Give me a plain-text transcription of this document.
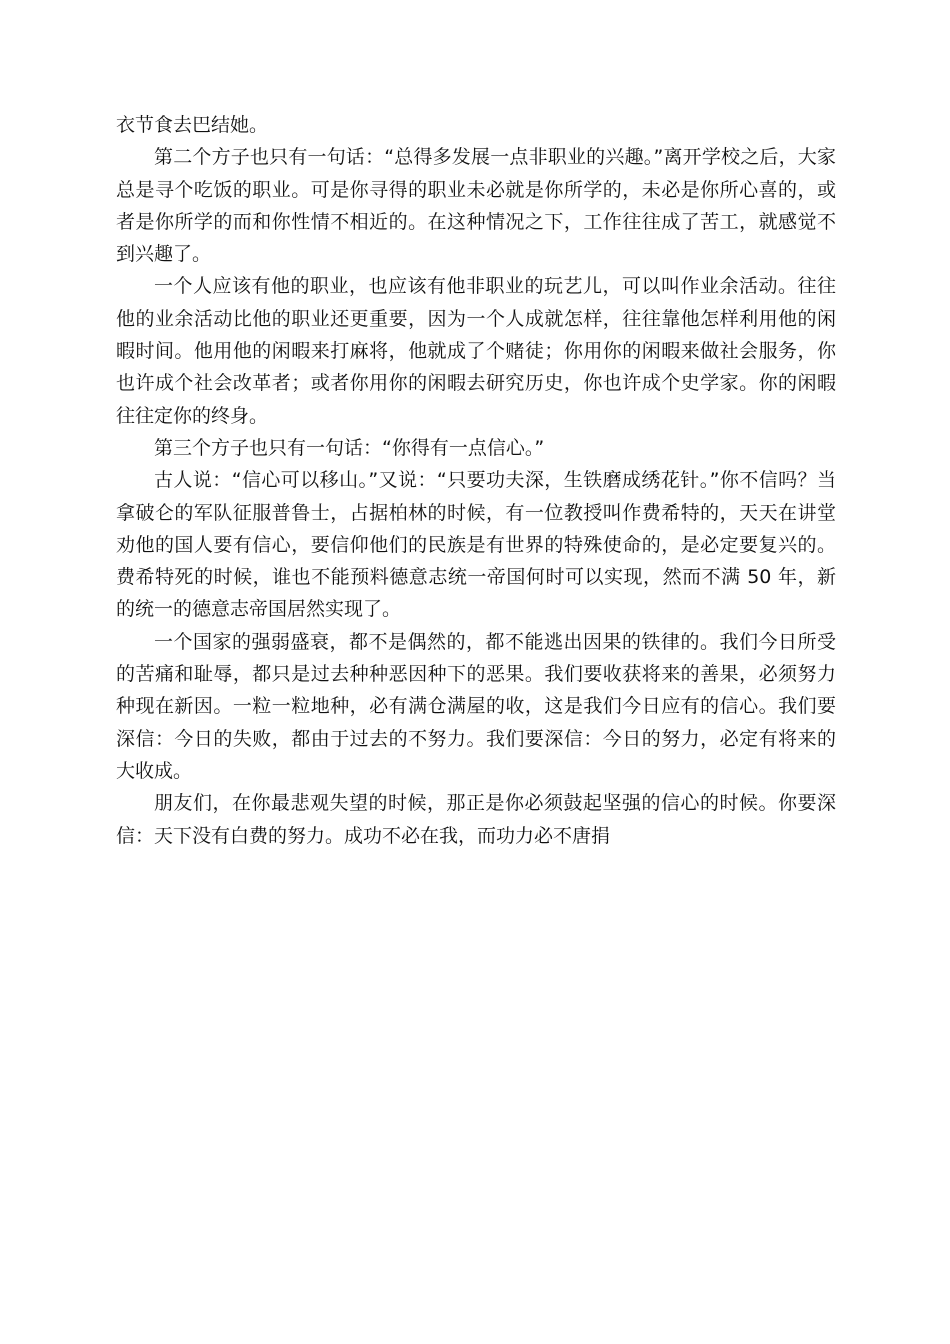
衣节食去巴结她。

第二个方子也只有一句话：“总得多发展一点非职业的兴趣。”离开学校之后，大家总是寻个吃饭的职业。可是你寻得的职业未必就是你所学的，未必是你所心喜的，或者是你所学的而和你性情不相近的。在这种情况之下，工作往往成了苦工，就感觉不到兴趣了。

一个人应该有他的职业，也应该有他非职业的玩艺儿，可以叫作业余活动。往往他的业余活动比他的职业还更重要，因为一个人成就怎样，往往靠他怎样利用他的闲暇时间。他用他的闲暇来打麻将，他就成了个赌徒；你用你的闲暇来做社会服务，你也许成个社会改革者；或者你用你的闲暇去研究历史，你也许成个史学家。你的闲暇往往定你的终身。

第三个方子也只有一句话：“你得有一点信心。”

古人说：“信心可以移山。”又说：“只要功夫深，生铁磨成绣花针。”你不信吗？当拿破仑的军队征服普鲁士，占据柏林的时候，有一位教授叫作费希特的，天天在讲堂劝他的国人要有信心，要信仰他们的民族是有世界的特殊使命的，是必定要复兴的。费希特死的时候，谁也不能预料德意志统一帝国何时可以实现，然而不满 50 年，新的统一的德意志帝国居然实现了。

一个国家的强弱盛衰，都不是偶然的，都不能逃出因果的铁律的。我们今日所受的苦痛和耻辱，都只是过去种种恶因种下的恶果。我们要收获将来的善果，必须努力种现在新因。一粒一粒地种，必有满仓满屋的收，这是我们今日应有的信心。我们要深信：今日的失败，都由于过去的不努力。我们要深信：今日的努力，必定有将来的大收成。

朋友们，在你最悲观失望的时候，那正是你必须鼓起坚强的信心的时候。你要深信：天下没有白费的努力。成功不必在我，而功力必不唐捐
